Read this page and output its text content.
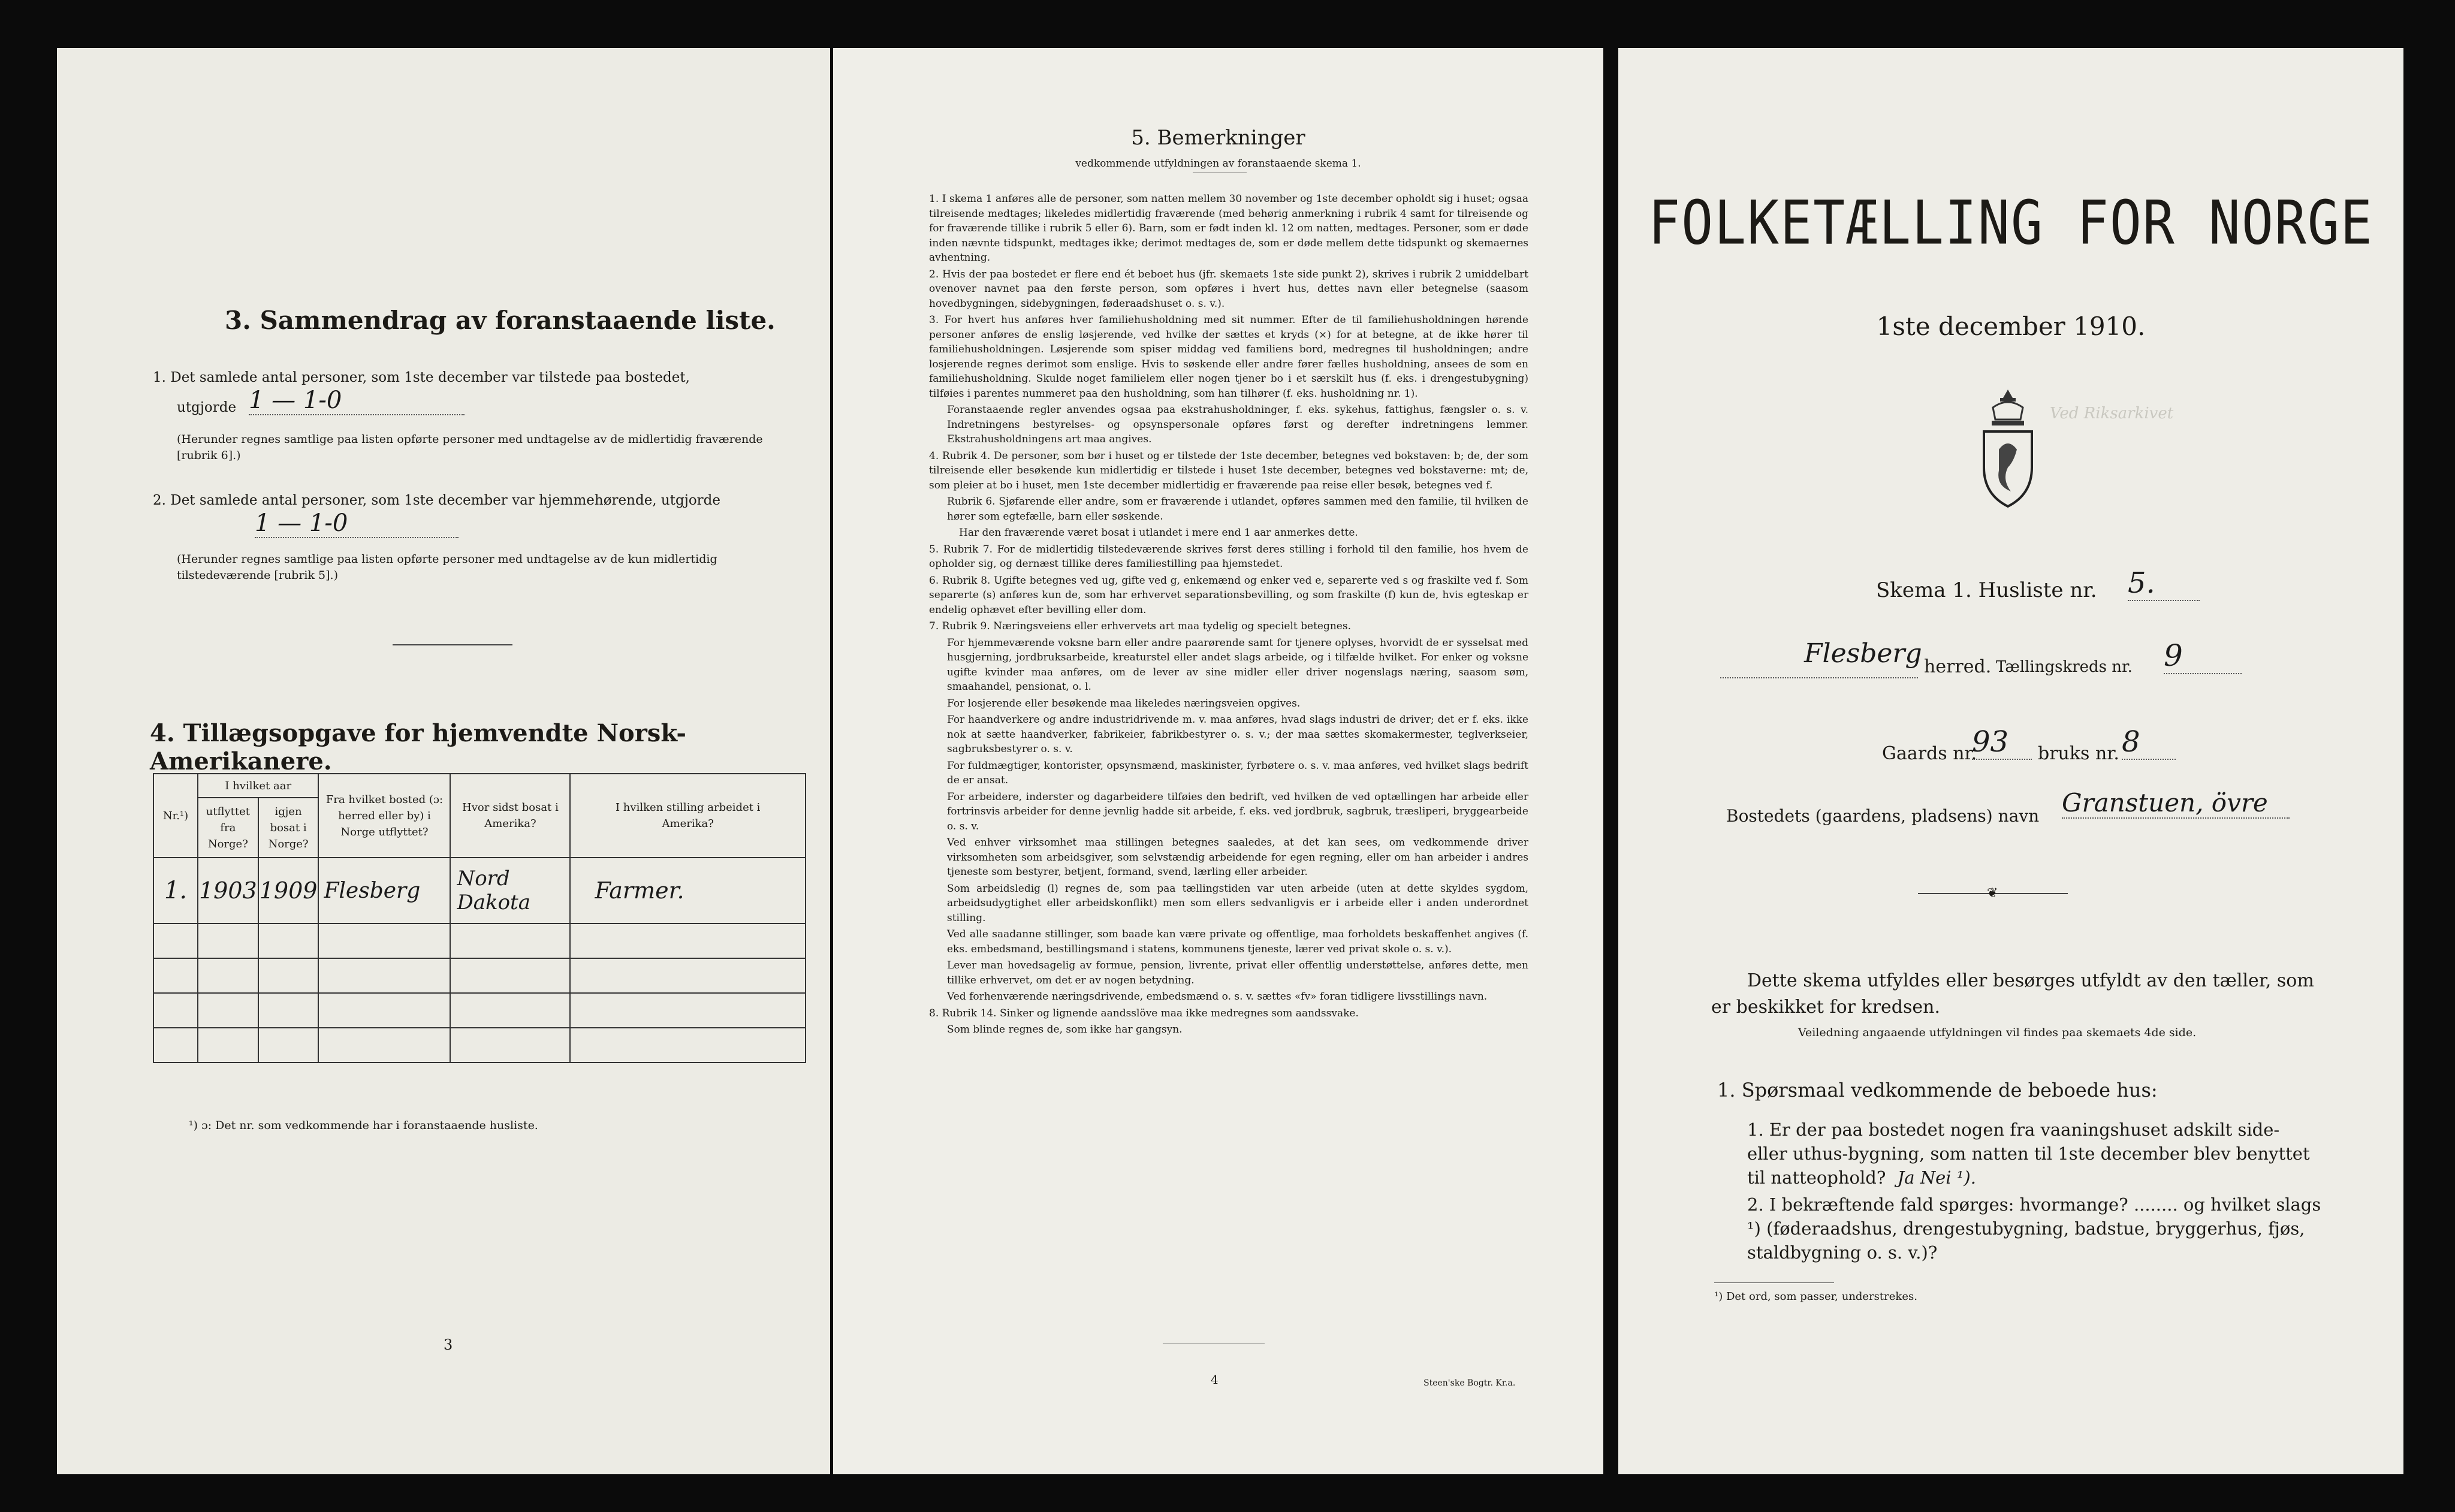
3. Sammendrag av foranstaaende liste.
1. Det samlede antal personer, som 1ste december var tilstede paa bostedet,
utgjorde 1 — 1-0
(Herunder regnes samtlige paa listen opførte personer med undtagelse av de midlertidig fraværende [rubrik 6].)
2. Det samlede antal personer, som 1ste december var hjemmehørende, utgjorde
1 — 1-0
(Herunder regnes samtlige paa listen opførte personer med undtagelse av de kun midlertidig tilstedeværende [rubrik 5].)
4. Tillægsopgave for hjemvendte Norsk-Amerikanere.
Nr.¹)	I hvilket aar		Fra hvilket bosted (ɔ: herred eller by) i Norge utflyttet?	Hvor sidst bosat i Amerika?	I hvilken stilling arbeidet i Amerika?
	utflyttet fra Norge?	igjen bosat i Norge?			
1.	1903	1909	Flesberg	Nord Dakota	Farmer.

¹) ɔ: Det nr. som vedkommende har i foranstaaende husliste.
3
5. Bemerkninger
vedkommende utfyldningen av foranstaaende skema 1.

1. I skema 1 anføres alle de personer, som natten mellem 30 november og 1ste december opholdt sig i huset; ogsaa tilreisende medtages; likeledes midlertidig fraværende (med behørig anmerkning i rubrik 4 samt for tilreisende og for fraværende tillike i rubrik 5 eller 6). Barn, som er født inden kl. 12 om natten, medtages. Personer, som er døde inden nævnte tidspunkt, medtages ikke; derimot medtages de, som er døde mellem dette tidspunkt og skemaernes avhentning.

2. Hvis der paa bostedet er flere end ét beboet hus (jfr. skemaets 1ste side punkt 2), skrives i rubrik 2 umiddelbart ovenover navnet paa den første person, som opføres i hvert hus, dettes navn eller betegnelse (saasom hovedbygningen, sidebygningen, føderaadshuset o. s. v.).

3. For hvert hus anføres hver familiehusholdning med sit nummer. Efter de til familiehusholdningen hørende personer anføres de enslig løsjerende, ved hvilke der sættes et kryds (×) for at betegne, at de ikke hører til familiehusholdningen. Løsjerende som spiser middag ved familiens bord, medregnes til husholdningen; andre losjerende regnes derimot som enslige. Hvis to søskende eller andre fører fælles husholdning, ansees de som en familiehusholdning. Skulde noget familielem eller nogen tjener bo i et særskilt hus (f. eks. i drengestubygning) tilføies i parentes nummeret paa den husholdning, som han tilhører (f. eks. husholdning nr. 1).

Foranstaaende regler anvendes ogsaa paa ekstrahusholdninger, f. eks. sykehus, fattighus, fængsler o. s. v. Indretningens bestyrelses- og opsynspersonale opføres først og derefter indretningens lemmer. Ekstrahusholdningens art maa angives.

4. Rubrik 4. De personer, som bør i huset og er tilstede der 1ste december, betegnes ved bokstaven: b; de, der som tilreisende eller besøkende kun midlertidig er tilstede i huset 1ste december, betegnes ved bokstaverne: mt; de, som pleier at bo i huset, men 1ste december midlertidig er fraværende paa reise eller besøk, betegnes ved f.

Rubrik 6. Sjøfarende eller andre, som er fraværende i utlandet, opføres sammen med den familie, til hvilken de hører som egtefælle, barn eller søskende.

Har den fraværende været bosat i utlandet i mere end 1 aar anmerkes dette.

5. Rubrik 7. For de midlertidig tilstedeværende skrives først deres stilling i forhold til den familie, hos hvem de opholder sig, og dernæst tillike deres familiestilling paa hjemstedet.

6. Rubrik 8. Ugifte betegnes ved ug, gifte ved g, enkemænd og enker ved e, separerte ved s og fraskilte ved f. Som separerte (s) anføres kun de, som har erhvervet separationsbevilling, og som fraskilte (f) kun de, hvis egteskap er endelig ophævet efter bevilling eller dom.

7. Rubrik 9. Næringsveiens eller erhvervets art maa tydelig og specielt betegnes.

For hjemmeværende voksne barn eller andre paarørende samt for tjenere oplyses, hvorvidt de er sysselsat med husgjerning, jordbruksarbeide, kreaturstel eller andet slags arbeide, og i tilfælde hvilket. For enker og voksne ugifte kvinder maa anføres, om de lever av sine midler eller driver nogenslags næring, saasom søm, smaahandel, pensionat, o. l.

For losjerende eller besøkende maa likeledes næringsveien opgives.

For haandverkere og andre industridrivende m. v. maa anføres, hvad slags industri de driver; det er f. eks. ikke nok at sætte haandverker, fabrikeier, fabrikbestyrer o. s. v.; der maa sættes skomakermester, teglverkseier, sagbruksbestyrer o. s. v.

For fuldmægtiger, kontorister, opsynsmænd, maskinister, fyrbøtere o. s. v. maa anføres, ved hvilket slags bedrift de er ansat.

For arbeidere, inderster og dagarbeidere tilføies den bedrift, ved hvilken de ved optællingen har arbeide eller fortrinsvis arbeider for denne jevnlig hadde sit arbeide, f. eks. ved jordbruk, sagbruk, træsliperi, bryggearbeide o. s. v.

Ved enhver virksomhet maa stillingen betegnes saaledes, at det kan sees, om vedkommende driver virksomheten som arbeidsgiver, som selvstændig arbeidende for egen regning, eller om han arbeider i andres tjeneste som bestyrer, betjent, formand, svend, lærling eller arbeider.

Som arbeidsledig (l) regnes de, som paa tællingstiden var uten arbeide (uten at dette skyldes sygdom, arbeidsudygtighet eller arbeidskonflikt) men som ellers sedvanligvis er i arbeide eller i anden underordnet stilling.

Ved alle saadanne stillinger, som baade kan være private og offentlige, maa forholdets beskaffenhet angives (f. eks. embedsmand, bestillingsmand i statens, kommunens tjeneste, lærer ved privat skole o. s. v.).

Lever man hovedsagelig av formue, pension, livrente, privat eller offentlig understøttelse, anføres dette, men tillike erhvervet, om det er av nogen betydning.

Ved forhenværende næringsdrivende, embedsmænd o. s. v. sættes «fv» foran tidligere livsstillings navn.

8. Rubrik 14. Sinker og lignende aandsslöve maa ikke medregnes som aandssvake.

Som blinde regnes de, som ikke har gangsyn.

4	Steen'ske Bogtr. Kr.a.
FOLKETÆLLING FOR NORGE
1ste december 1910.
Ved Riksarkivet
Skema 1. Husliste nr. 5.
Flesberg herred. Tællingskreds nr. 9
Gaards nr.
93	bruks nr. 8
Bostedets (gaardens, pladsens) navn Granstuen, övre
❦
Dette skema utfyldes eller besørges utfyldt av den tæller, som er beskikket for kredsen.
Veiledning angaaende utfyldningen vil findes paa skemaets 4de side.
1. Spørsmaal vedkommende de beboede hus:
1. Er der paa bostedet nogen fra vaaningshuset adskilt side- eller uthus-bygning, som natten til 1ste december blev benyttet til natteophold? Ja Nei ¹).
2. I bekræftende fald spørges: hvormange? ........ og hvilket slags ¹) (føderaadshus, drengestubygning, badstue, bryggerhus, fjøs, staldbygning o. s. v.)?
¹) Det ord, som passer, understrekes.
